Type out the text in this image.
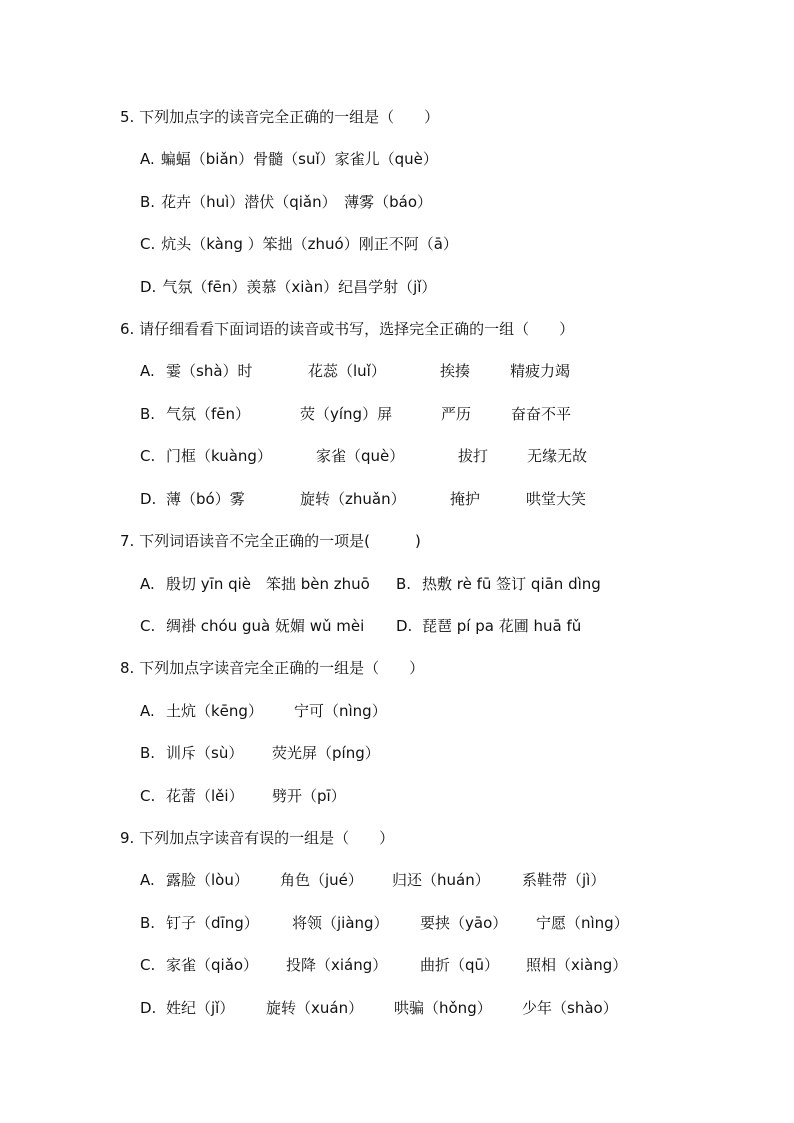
5. 下列加点字的读音完全正确的一组是（　　）
A. 蝙蝠（biǎn）骨髓（suǐ）家雀儿（què）
B. 花卉（huì）潜伏（qiǎn）　薄雾（báo）
C. 炕头（kàng ）笨拙（zhuó）刚正不阿（ā）
D. 气氛（fēn）羡慕（xiàn）纪昌学射（jǐ）
6. 请仔细看看下面词语的读音或书写，选择完全正确的一组（　　）
A. 霎（shà）时	花蕊（luǐ）	挨揍	精疲力竭
B. 气氛（fēn）	荧（yíng）屏	严历	奋奋不平
C. 门框（kuàng）	家雀（què）	拔打	无缘无故
D. 薄（bó）雾	旋转（zhuǎn）	掩护	哄堂大笑
7. 下列词语读音不完全正确的一项是(　　　)
A. 殷切 yīn qiè　笨拙 bèn zhuō B. 热敷 rè fū 签订 qiān dìng
C. 绸褂 chóu guà 妩媚 wǔ mèi D. 琵琶 pí pa 花圃 huā fǔ
8. 下列加点字读音完全正确的一组是（　　）
A. 土炕（kēng） 宁可（nìng）
B. 训斥（sù） 荧光屏（píng）
C. 花蕾（lěi） 劈开（pī）
9. 下列加点字读音有误的一组是（　　）
A. 露脸（lòu） 角色（jué） 归还（huán） 系鞋带（jì）
B. 钉子（dīng） 将领（jiàng） 要挟（yāo） 宁愿（nìng）
C. 家雀（qiǎo） 投降（xiáng） 曲折（qū） 照相（xiàng）
D. 姓纪（jǐ） 旋转（xuán） 哄骗（hǒng） 少年（shào）
